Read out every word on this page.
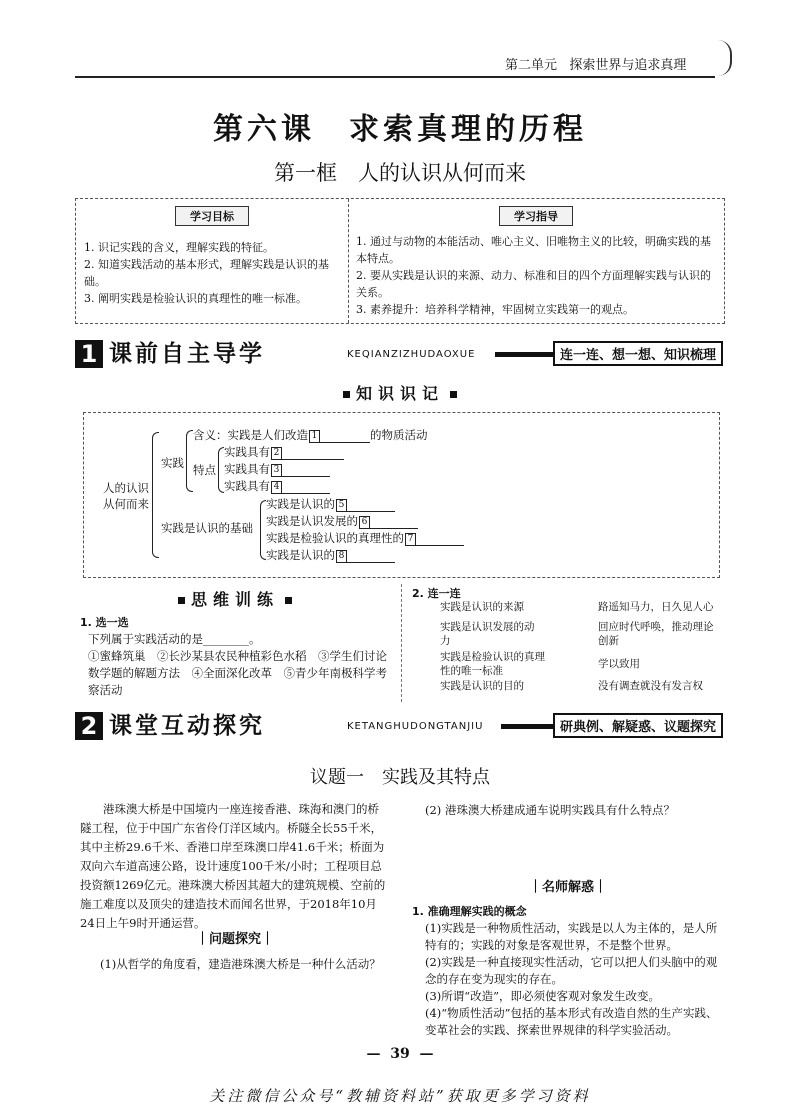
第二单元 探索世界与追求真理
第六课　求索真理的历程
第一框　人的认识从何而来
学习目标
1. 识记实践的含义，理解实践的特征。
2. 知道实践活动的基本形式，理解实践是认识的基础。
3. 阐明实践是检验认识的真理性的唯一标准。
学习指导
1. 通过与动物的本能活动、唯心主义、旧唯物主义的比较，明确实践的基本特点。
2. 要从实践是认识的来源、动力、标准和目的四个方面理解实践与认识的关系。
3. 素养提升：培养科学精神，牢固树立实践第一的观点。
1 课前自主导学	KEQIANZIZHUDAOXUE	连一连、想一想、知识梳理
知识识记
人的认识从何而来
实践
含义：实践是人们改造 1	的物质活动
特点
实践具有 2
实践具有 3
实践具有 4
实践是认识的基础
实践是认识的 5
实践是认识发展的 6
实践是检验认识的真理性的 7
实践是认识的 8
思维训练
1. 选一选
下列属于实践活动的是________。
①蜜蜂筑巢　②长沙某县农民种植彩色水稻　③学生们讨论数学题的解题方法　④全面深化改革　⑤青少年南极科学考察活动
2. 连一连
实践是认识的来源
实践是认识发展的动力
实践是检验认识的真理性的唯一标准
实践是认识的目的
路遥知马力，日久见人心
回应时代呼唤，推动理论创新
学以致用
没有调查就没有发言权
2 课堂互动探究	KETANGHUDONGTANJIU	研典例、解疑惑、议题探究
议题一　实践及其特点
港珠澳大桥是中国境内一座连接香港、珠海和澳门的桥隧工程，位于中国广东省伶仃洋区域内。桥隧全长55千米，其中主桥29.6千米、香港口岸至珠澳口岸41.6千米；桥面为双向六车道高速公路，设计速度100千米/小时；工程项目总投资额1269亿元。港珠澳大桥因其超大的建筑规模、空前的施工难度以及顶尖的建造技术而闻名世界，于2018年10月24日上午9时开通运营。
｜问题探究｜
(1)从哲学的角度看，建造港珠澳大桥是一种什么活动？
(2) 港珠澳大桥建成通车说明实践具有什么特点？
｜名师解惑｜
1. 准确理解实践的概念
(1)实践是一种物质性活动，实践是以人为主体的，是人所特有的；实践的对象是客观世界，不是整个世界。
(2)实践是一种直接现实性活动，它可以把人们头脑中的观念的存在变为现实的存在。
(3)所谓“改造”，即必须使客观对象发生改变。
(4)“物质性活动”包括的基本形式有改造自然的生产实践、变革社会的实践、探索世界规律的科学实验活动。
—  39  —
关注微信公众号“教辅资料站”获取更多学习资料
